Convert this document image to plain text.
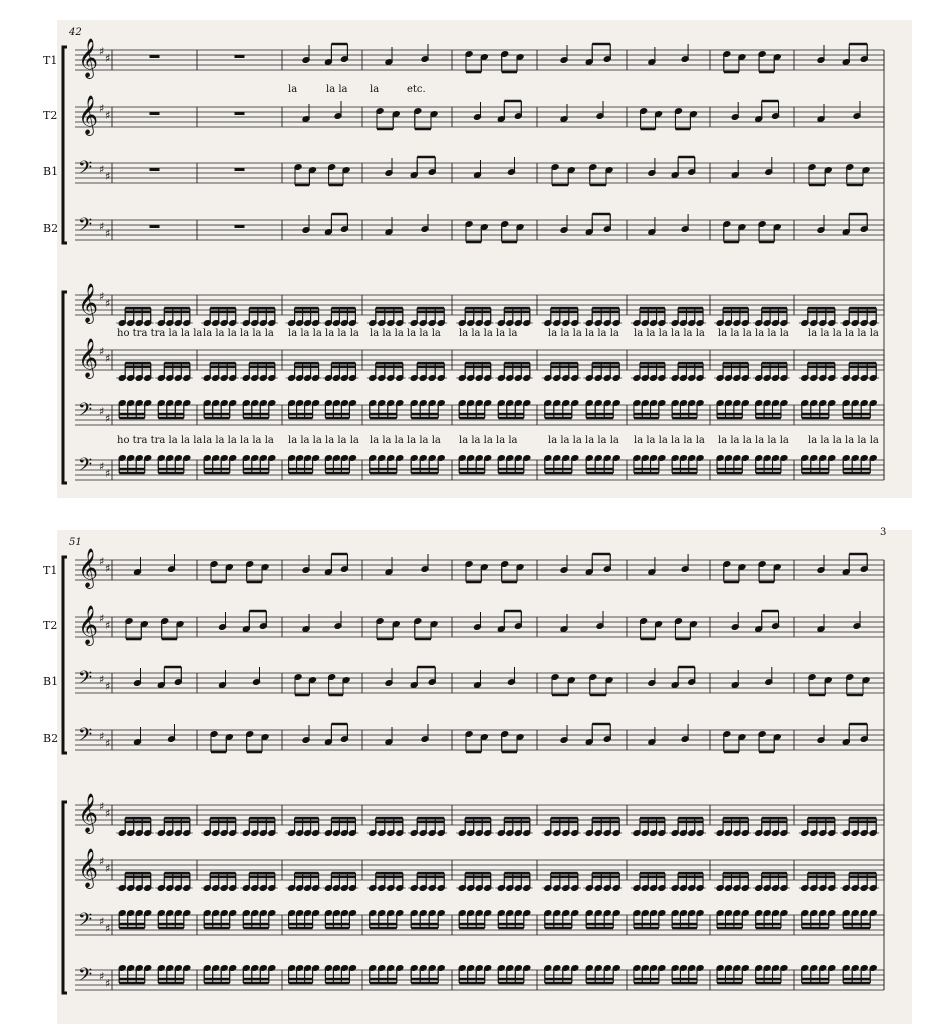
𝄞 ♯
♯
𝄞 ♯
♯
𝄢 ♯
♯
𝄢 ♯
♯
𝄞 ♯
♯
𝄞 ♯
♯
𝄢 ♯
♯
𝄢 ♯
♯
42
T1
T2
B1
B2
la	la la la	etc.
ho tra tra la la la la la la la la la la la la la la la la la la la la la la la la la la	la la la la la la la la la la la la la la la la la la la la la la la la
ho tra tra la la la la la la la la la la la la la la la la la la la la la la la la la la	la la la la la la la la la la la la la la la la la la la la la la la la
𝄞 ♯
♯
𝄞 ♯
♯
𝄢 ♯
♯
𝄢 ♯
♯
𝄞 ♯
♯
𝄞 ♯
♯
𝄢 ♯
♯
𝄢 ♯
♯
51
3
T1
T2
B1
B2
